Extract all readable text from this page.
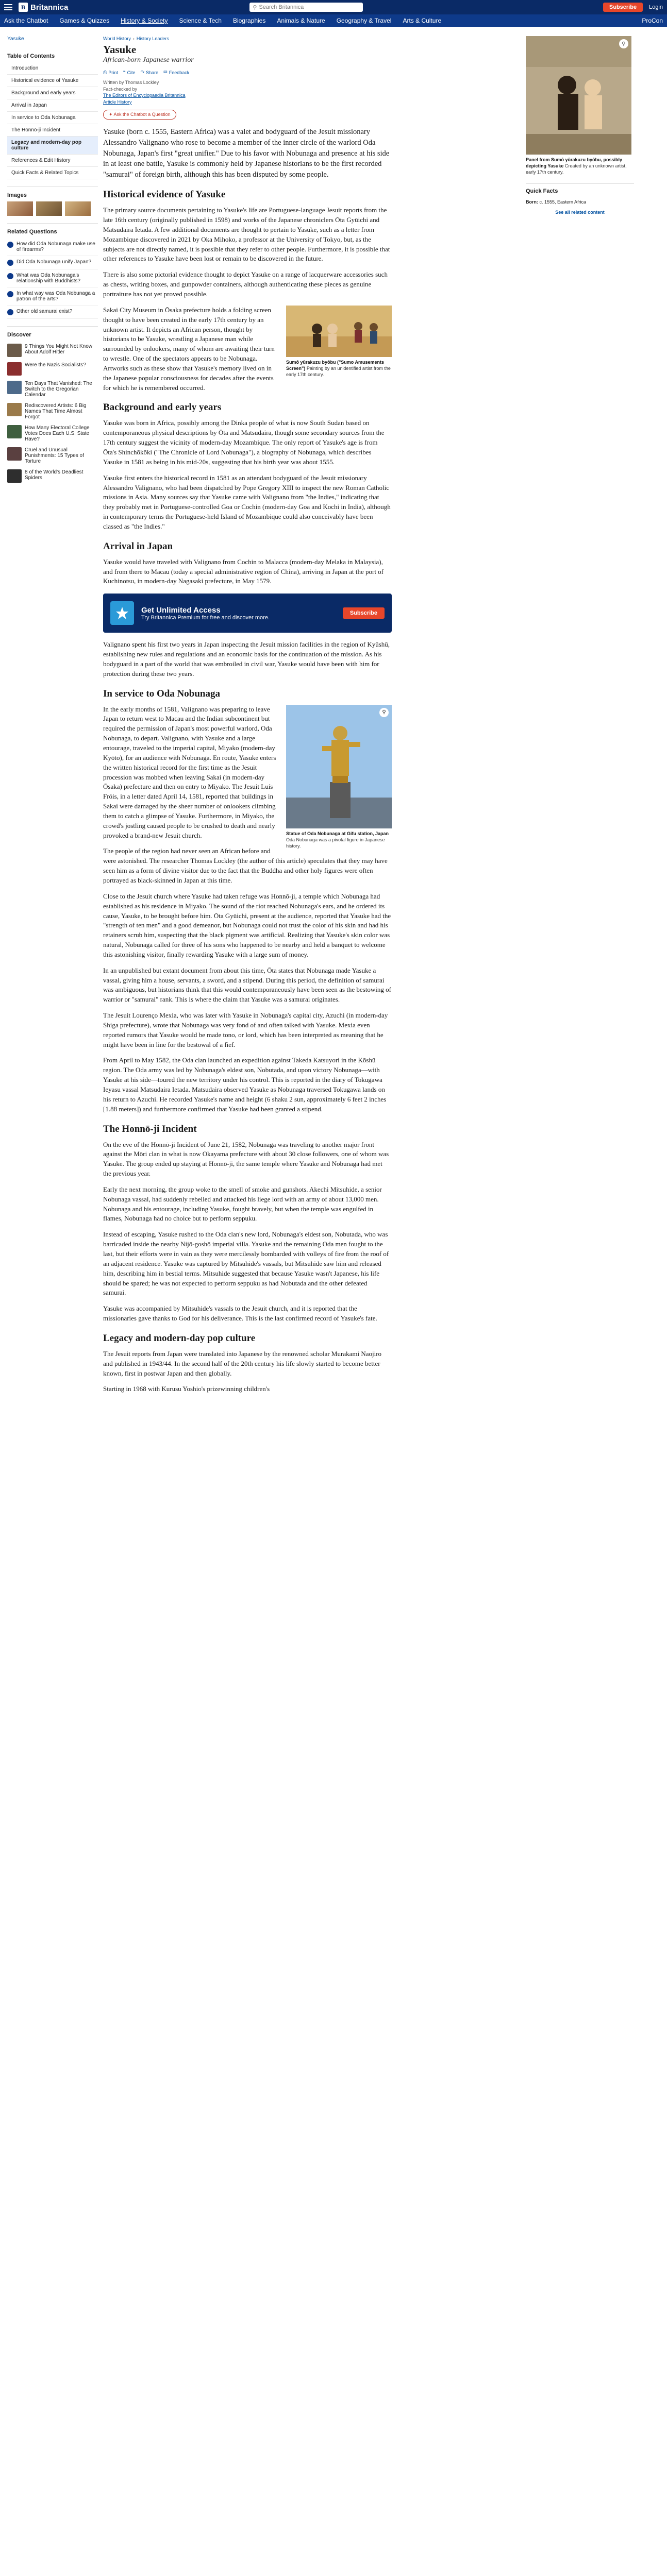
B Britannica	⚲ Search Britannica	Subscribe	Login
Ask the Chatbot Games & Quizzes History & Society Science & Tech Biographies Animals & Nature Geography & Travel Arts & Culture	ProCon
Yasuke
Table of Contents
Introduction
Historical evidence of Yasuke
Background and early years
Arrival in Japan
In service to Oda Nobunaga
The Honnō-ji Incident
Legacy and modern-day pop culture
References & Edit History
Quick Facts & Related Topics
Images
Related Questions
How did Oda Nobunaga make use of firearms?
Did Oda Nobunaga unify Japan?
What was Oda Nobunaga's relationship with Buddhists?
In what way was Oda Nobunaga a patron of the arts?
Other old samurai exist?
Discover
9 Things You Might Not Know About Adolf Hitler
Were the Nazis Socialists?
Ten Days That Vanished: The Switch to the Gregorian Calendar
Rediscovered Artists: 6 Big Names That Time Almost Forgot
How Many Electoral College Votes Does Each U.S. State Have?
Cruel and Unusual Punishments: 15 Types of Torture
8 of the World's Deadliest Spiders
World History › History Leaders
Yasuke
African-born Japanese warrior
⎙ Print ❝ Cite ↷ Share ✉ Feedback
Written by Thomas Lockley
Fact-checked by
The Editors of Encyclopaedia Britannica
Article History
✦ Ask the Chatbot a Question

Yasuke (born c. 1555, Eastern Africa) was a valet and bodyguard of the Jesuit missionary Alessandro Valignano who rose to become a member of the inner circle of the warlord Oda Nobunaga, Japan's first "great unifier." Due to his favor with Nobunaga and presence at his side in at least one battle, Yasuke is commonly held by Japanese historians to be the first recorded "samurai" of foreign birth, although this has been disputed by some people.

Historical evidence of Yasuke

The primary source documents pertaining to Yasuke's life are Portuguese-language Jesuit reports from the late 16th century (originally published in 1598) and works of the Japanese chroniclers Ōta Gyūichi and Matsudaira Ietada. A few additional documents are thought to pertain to Yasuke, such as a letter from Mozambique discovered in 2021 by Oka Mihoko, a professor at the University of Tokyo, but, as the subjects are not directly named, it is possible that they refer to other people. Furthermore, it is possible that other references to Yasuke have been lost or remain to be discovered in the future.

There is also some pictorial evidence thought to depict Yasuke on a range of lacquerware accessories such as chests, writing boxes, and gunpowder containers, although authenticating these pieces as genuine portraiture has not yet proved possible.

Sumō yūrakuzu byōbu ("Sumo Amusements Screen") Painting by an unidentified artist from the early 17th century.

Sakai City Museum in Ōsaka prefecture holds a folding screen thought to have been created in the early 17th century by an unknown artist. It depicts an African person, thought by historians to be Yasuke, wrestling a Japanese man while surrounded by onlookers, many of whom are awaiting their turn to wrestle. One of the spectators appears to be Nobunaga. Artworks such as these show that Yasuke's memory lived on in the Japanese popular consciousness for decades after the events for which he is remembered occurred.

Background and early years

Yasuke was born in Africa, possibly among the Dinka people of what is now South Sudan based on contemporaneous physical descriptions by Ōta and Matsudaira, though some secondary sources from the 17th century suggest the vicinity of modern-day Mozambique. The only report of Yasuke's age is from Ōta's Shinchōkōki ("The Chronicle of Lord Nobunaga"), a biography of Nobunaga, which describes Yasuke in 1581 as being in his mid-20s, suggesting that his birth year was about 1555.

Yasuke first enters the historical record in 1581 as an attendant bodyguard of the Jesuit missionary Alessandro Valignano, who had been dispatched by Pope Gregory XIII to inspect the new Roman Catholic missions in Asia. Many sources say that Yasuke came with Valignano from "the Indies," indicating that they probably met in Portuguese-controlled Goa or Cochin (modern-day Goa and Kochi in India), although in contemporary terms the Portuguese-held Island of Mozambique could also conceivably have been classed as "the Indies."

Arrival in Japan

Yasuke would have traveled with Valignano from Cochin to Malacca (modern-day Melaka in Malaysia), and from there to Macau (today a special administrative region of China), arriving in Japan at the port of Kuchinotsu, in modern-day Nagasaki prefecture, in May 1579.

Get Unlimited Access
Try Britannica Premium for free and discover more.
Subscribe

Valignano spent his first two years in Japan inspecting the Jesuit mission facilities in the region of Kyūshū, establishing new rules and regulations and an economic basis for the continuation of the mission. As his bodyguard in a part of the world that was embroiled in civil war, Yasuke would have been with him for protection during these two years.

In service to Oda Nobunaga
⚲
Statue of Oda Nobunaga at Gifu station, Japan Oda Nobunaga was a pivotal figure in Japanese history.

In the early months of 1581, Valignano was preparing to leave Japan to return west to Macau and the Indian subcontinent but required the permission of Japan's most powerful warlord, Oda Nobunaga, to depart. Valignano, with Yasuke and a large entourage, traveled to the imperial capital, Miyako (modern-day Kyōto), for an audience with Nobunaga. En route, Yasuke enters the written historical record for the first time as the Jesuit procession was mobbed when leaving Sakai (in modern-day Ōsaka) prefecture and then on entry to Miyako. The Jesuit Luís Fróis, in a letter dated April 14, 1581, reported that buildings in Sakai were damaged by the sheer number of onlookers climbing them to catch a glimpse of Yasuke. Furthermore, in Miyako, the crowd's jostling caused people to be crushed to death and nearly provoked a brand-new Jesuit church.

The people of the region had never seen an African before and were astonished. The researcher Thomas Lockley (the author of this article) speculates that they may have seen him as a form of divine visitor due to the fact that the Buddha and other holy figures were often portrayed as black-skinned in Japan at this time.

Close to the Jesuit church where Yasuke had taken refuge was Honnō-ji, a temple which Nobunaga had established as his residence in Miyako. The sound of the riot reached Nobunaga's ears, and he ordered its cause, Yasuke, to be brought before him. Ōta Gyūichi, present at the audience, reported that Yasuke had the "strength of ten men" and a good demeanor, but Nobunaga could not trust the color of his skin and had his retainers scrub him, suspecting that the black pigment was artificial. Realizing that Yasuke's skin color was natural, Nobunaga called for three of his sons who happened to be nearby and held a banquet to welcome this astonishing visitor, finally rewarding Yasuke with a large sum of money.

In an unpublished but extant document from about this time, Ōta states that Nobunaga made Yasuke a vassal, giving him a house, servants, a sword, and a stipend. During this period, the definition of samurai was ambiguous, but historians think that this would contemporaneously have been seen as the bestowing of warrior or "samurai" rank. This is where the claim that Yasuke was a samurai originates.

The Jesuit Lourenço Mexia, who was later with Yasuke in Nobunaga's capital city, Azuchi (in modern-day Shiga prefecture), wrote that Nobunaga was very fond of and often talked with Yasuke. Mexia even reported rumors that Yasuke would be made tono, or lord, which has been interpreted as meaning that he might have been in line for the bestowal of a fief.

From April to May 1582, the Oda clan launched an expedition against Takeda Katsuyori in the Kōshū region. The Oda army was led by Nobunaga's eldest son, Nobutada, and upon victory Nobunaga—with Yasuke at his side—toured the new territory under his control. This is reported in the diary of Tokugawa Ieyasu vassal Matsudaira Ietada. Matsudaira observed Yasuke as Nobunaga traversed Tokugawa lands on his return to Azuchi. He recorded Yasuke's name and height (6 shaku 2 sun, approximately 6 feet 2 inches [1.88 meters]) and furthermore confirmed that Yasuke had been granted a stipend.

The Honnō-ji Incident

On the eve of the Honnō-ji Incident of June 21, 1582, Nobunaga was traveling to another major front against the Mōri clan in what is now Okayama prefecture with about 30 close followers, one of whom was Yasuke. The group ended up staying at Honnō-ji, the same temple where Yasuke and Nobunaga had met the previous year.

Early the next morning, the group woke to the smell of smoke and gunshots. Akechi Mitsuhide, a senior Nobunaga vassal, had suddenly rebelled and attacked his liege lord with an army of about 13,000 men. Nobunaga and his entourage, including Yasuke, fought bravely, but when the temple was engulfed in flames, Nobunaga had no choice but to perform seppuku.

Instead of escaping, Yasuke rushed to the Oda clan's new lord, Nobunaga's eldest son, Nobutada, who was barricaded inside the nearby Nijō-goshō imperial villa. Yasuke and the remaining Oda men fought to the last, but their efforts were in vain as they were mercilessly bombarded with volleys of fire from the roof of an adjacent residence. Yasuke was captured by Mitsuhide's vassals, but Mitsuhide saw him and released him, describing him in bestial terms. Mitsuhide suggested that because Yasuke wasn't Japanese, his life should be spared; he was not expected to perform seppuku as had Nobutada and the other defeated samurai.

Yasuke was accompanied by Mitsuhide's vassals to the Jesuit church, and it is reported that the missionaries gave thanks to God for his deliverance. This is the last confirmed record of Yasuke's fate.

Legacy and modern-day pop culture

The Jesuit reports from Japan were translated into Japanese by the renowned scholar Murakami Naojiro and published in 1943/44. In the second half of the 20th century his life slowly started to become better known, first in postwar Japan and then globally.

Starting in 1968 with Kurusu Yoshio's prizewinning children's

⚲
Panel from Sumō yūrakuzu byōbu, possibly depicting Yasuke Created by an unknown artist, early 17th century.
Quick Facts
Born: c. 1555, Eastern Africa
See all related content
